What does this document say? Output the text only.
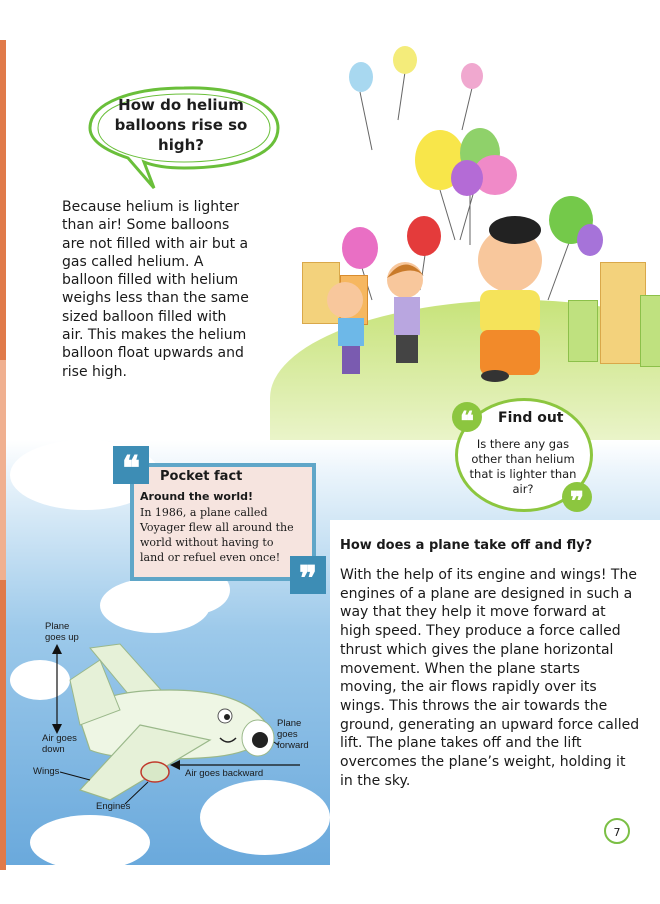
How do helium
balloons rise so high?
Because helium is lighter than air! Some balloons are not filled with air but a gas called helium. A balloon filled with helium weighs less than the same sized balloon filled with air. This makes the helium balloon float upwards and rise high.
❝	Find out
Is there any gas other than helium that is lighter than air?	❞
❝	Pocket fact
Around the world!
In 1986, a plane called Voyager flew all around the world without having to land or refuel even once!
❞
How does a plane take off and fly?
With the help of its engine and wings! The engines of a plane are designed in such a way that they help it move forward at high speed. They produce a force called thrust which gives the plane horizontal movement. When the plane starts moving, the air flows rapidly over its wings. This throws the air towards the ground, generating an upward force called lift. The plane takes off and the lift overcomes the plane’s weight, holding it in the sky.
Plane goes up
Air goes down
Wings
Engines
Air goes backward
Plane goes forward
7
